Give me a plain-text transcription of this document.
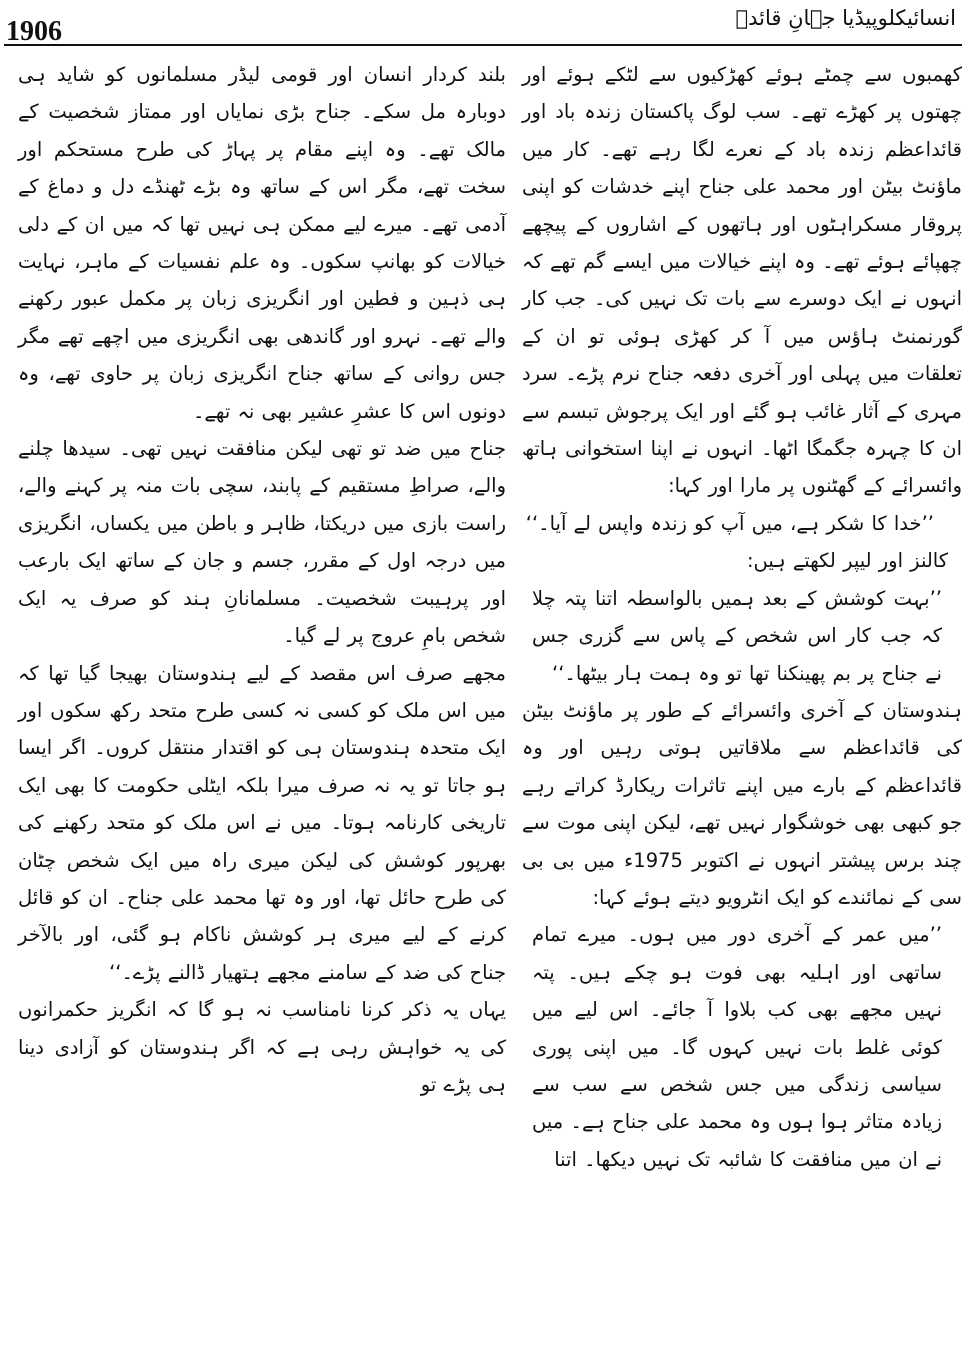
1906	انسائیکلوپیڈیا جہانِ قائدؒ

کھمبوں سے چمٹے ہوئے کھڑکیوں سے لٹکے ہوئے اور چھتوں پر کھڑے تھے۔ سب لوگ پاکستان زندہ باد اور قائداعظم زندہ باد کے نعرے لگا رہے تھے۔ کار میں ماؤنٹ بیٹن اور محمد علی جناح اپنے خدشات کو اپنی پروقار مسکراہٹوں اور ہاتھوں کے اشاروں کے پیچھے چھپائے ہوئے تھے۔ وہ اپنے خیالات میں ایسے گم تھے کہ انہوں نے ایک دوسرے سے بات تک نہیں کی۔ جب کار گورنمنٹ ہاؤس میں آ کر کھڑی ہوئی تو ان کے تعلقات میں پہلی اور آخری دفعہ جناح نرم پڑے۔ سرد مہری کے آثار غائب ہو گئے اور ایک پرجوش تبسم سے ان کا چہرہ جگمگا اٹھا۔ انہوں نے اپنا استخوانی ہاتھ وائسرائے کے گھٹنوں پر مارا اور کہا:

’’خدا کا شکر ہے، میں آپ کو زندہ واپس لے آیا۔‘‘

کالنز اور لیپر لکھتے ہیں:

’’بہت کوشش کے بعد ہمیں بالواسطہ اتنا پتہ چلا کہ جب کار اس شخص کے پاس سے گزری جس نے جناح پر بم پھینکنا تھا تو وہ ہمت ہار بیٹھا۔‘‘

ہندوستان کے آخری وائسرائے کے طور پر ماؤنٹ بیٹن کی قائداعظم سے ملاقاتیں ہوتی رہیں اور وہ قائداعظم کے بارے میں اپنے تاثرات ریکارڈ کراتے رہے جو کبھی بھی خوشگوار نہیں تھے، لیکن اپنی موت سے چند برس پیشتر انہوں نے اکتوبر 1975ء میں بی بی سی کے نمائندے کو ایک انٹرویو دیتے ہوئے کہا:

’’میں عمر کے آخری دور میں ہوں۔ میرے تمام ساتھی اور اہلیہ بھی فوت ہو چکے ہیں۔ پتہ نہیں مجھے بھی کب بلاوا آ جائے۔ اس لیے میں کوئی غلط بات نہیں کہوں گا۔ میں اپنی پوری سیاسی زندگی میں جس شخص سے سب سے زیادہ متاثر ہوا ہوں وہ محمد علی جناح ہے۔ میں نے ان میں منافقت کا شائبہ تک نہیں دیکھا۔ اتنا

بلند کردار انسان اور قومی لیڈر مسلمانوں کو شاید ہی دوبارہ مل سکے۔ جناح بڑی نمایاں اور ممتاز شخصیت کے مالک تھے۔ وہ اپنے مقام پر پہاڑ کی طرح مستحکم اور سخت تھے، مگر اس کے ساتھ وہ بڑے ٹھنڈے دل و دماغ کے آدمی تھے۔ میرے لیے ممکن ہی نہیں تھا کہ میں ان کے دلی خیالات کو بھانپ سکوں۔ وہ علم نفسیات کے ماہر، نہایت ہی ذہین و فطین اور انگریزی زبان پر مکمل عبور رکھنے والے تھے۔ نہرو اور گاندھی بھی انگریزی میں اچھے تھے مگر جس روانی کے ساتھ جناح انگریزی زبان پر حاوی تھے، وہ دونوں اس کا عشرِ عشیر بھی نہ تھے۔

جناح میں ضد تو تھی لیکن منافقت نہیں تھی۔ سیدھا چلنے والے، صراطِ مستقیم کے پابند، سچی بات منہ پر کہنے والے، راست بازی میں دریکتا، ظاہر و باطن میں یکساں، انگریزی میں درجہ اول کے مقرر، جسم و جان کے ساتھ ایک بارعب اور پرہیبت شخصیت۔ مسلمانانِ ہند کو صرف یہ ایک شخص بامِ عروج پر لے گیا۔

مجھے صرف اس مقصد کے لیے ہندوستان بھیجا گیا تھا کہ میں اس ملک کو کسی نہ کسی طرح متحد رکھ سکوں اور ایک متحدہ ہندوستان ہی کو اقتدار منتقل کروں۔ اگر ایسا ہو جاتا تو یہ نہ صرف میرا بلکہ ایٹلی حکومت کا بھی ایک تاریخی کارنامہ ہوتا۔ میں نے اس ملک کو متحد رکھنے کی بھرپور کوشش کی لیکن میری راہ میں ایک شخص چٹان کی طرح حائل تھا، اور وہ تھا محمد علی جناح۔ ان کو قائل کرنے کے لیے میری ہر کوشش ناکام ہو گئی، اور بالآخر جناح کی ضد کے سامنے مجھے ہتھیار ڈالنے پڑے۔‘‘

یہاں یہ ذکر کرنا نامناسب نہ ہو گا کہ انگریز حکمرانوں کی یہ خواہش رہی ہے کہ اگر ہندوستان کو آزادی دینا ہی پڑے تو
